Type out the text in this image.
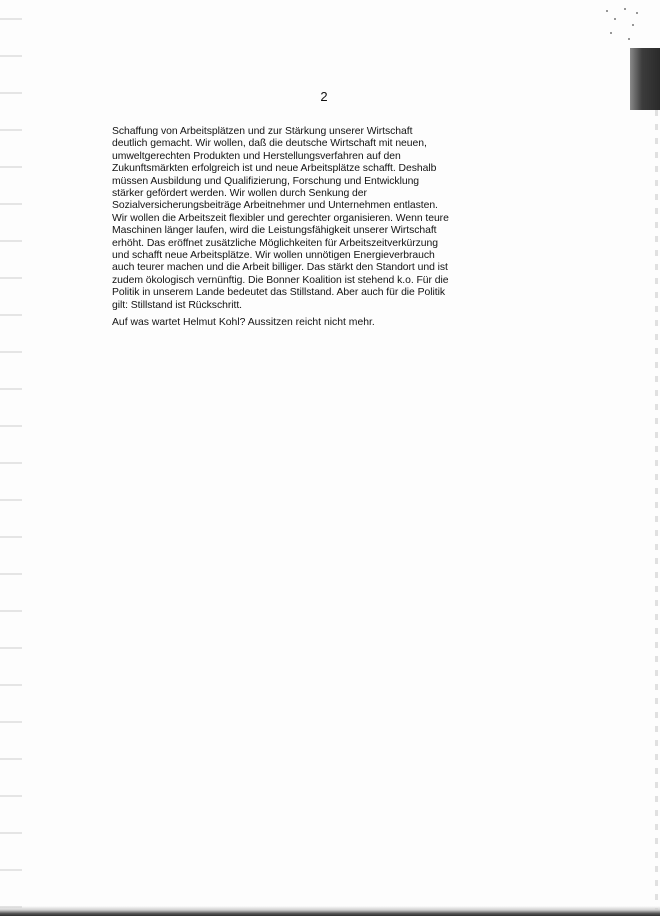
2
Schaffung von Arbeitsplätzen und zur Stärkung unserer Wirtschaft
deutlich gemacht. Wir wollen, daß die deutsche Wirtschaft mit neuen,
umweltgerechten Produkten und Herstellungsverfahren auf den
Zukunftsmärkten erfolgreich ist und neue Arbeitsplätze schafft. Deshalb
müssen Ausbildung und Qualifizierung, Forschung und Entwicklung
stärker gefördert werden. Wir wollen durch Senkung der
Sozialversicherungsbeiträge Arbeitnehmer und Unternehmen entlasten.
Wir wollen die Arbeitszeit flexibler und gerechter organisieren. Wenn teure
Maschinen länger laufen, wird die Leistungsfähigkeit unserer Wirtschaft
erhöht. Das eröffnet zusätzliche Möglichkeiten für Arbeitszeitverkürzung
und schafft neue Arbeitsplätze. Wir wollen unnötigen Energieverbrauch
auch teurer machen und die Arbeit billiger. Das stärkt den Standort und ist
zudem ökologisch vernünftig. Die Bonner Koalition ist stehend k.o. Für die
Politik in unserem Lande bedeutet das Stillstand. Aber auch für die Politik
gilt: Stillstand ist Rückschritt.

Auf was wartet Helmut Kohl? Aussitzen reicht nicht mehr.
